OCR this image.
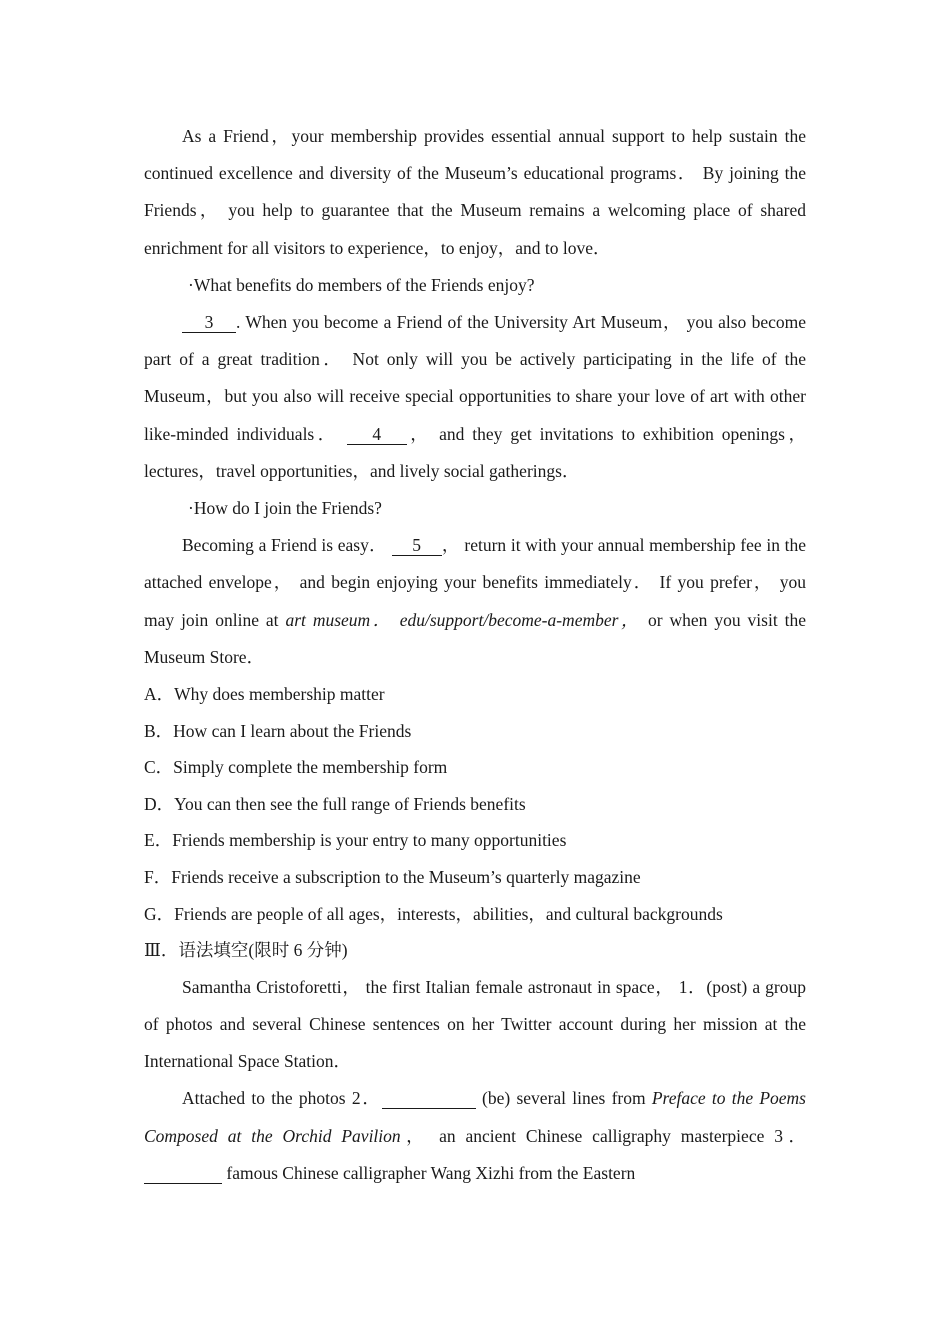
As a Friend，your membership provides essential annual support to help sustain the continued excellence and diversity of the Museum’s educational programs． By joining the Friends， you help to guarantee that the Museum remains a welcoming place of shared enrichment for all visitors to experience，to enjoy，and to love．

·What benefits do members of the Friends enjoy?

3 . When you become a Friend of the University Art Museum， you also become part of a great tradition． Not only will you be actively participating in the life of the Museum，but you also will receive special opportunities to share your love of art with other like-minded individuals． 4 ， and they get invitations to exhibition openings，lectures，travel opportunities，and lively social gatherings．

·How do I join the Friends?

Becoming a Friend is easy． 5 ， return it with your annual membership fee in the attached envelope， and begin enjoying your benefits immediately． If you prefer， you may join online at art museum． edu/support/become-a-member， or when you visit the Museum Store．

A．Why does membership matter

B．How can I learn about the Friends

C．Simply complete the membership form

D．You can then see the full range of Friends benefits

E．Friends membership is your entry to many opportunities

F．Friends receive a subscription to the Museum’s quarterly magazine

G．Friends are people of all ages，interests，abilities，and cultural backgrounds

Ⅲ．语法填空(限时 6 分钟)

Samantha Cristoforetti， the first Italian female astronaut in space， 1．(post) a group of photos and several Chinese sentences on her Twitter account during her mission at the International Space Station．

Attached to the photos 2．	(be) several lines from Preface to the Poems Composed at the Orchid Pavilion， an ancient Chinese calligraphy masterpiece 3． famous Chinese calligrapher Wang Xizhi from the Eastern
